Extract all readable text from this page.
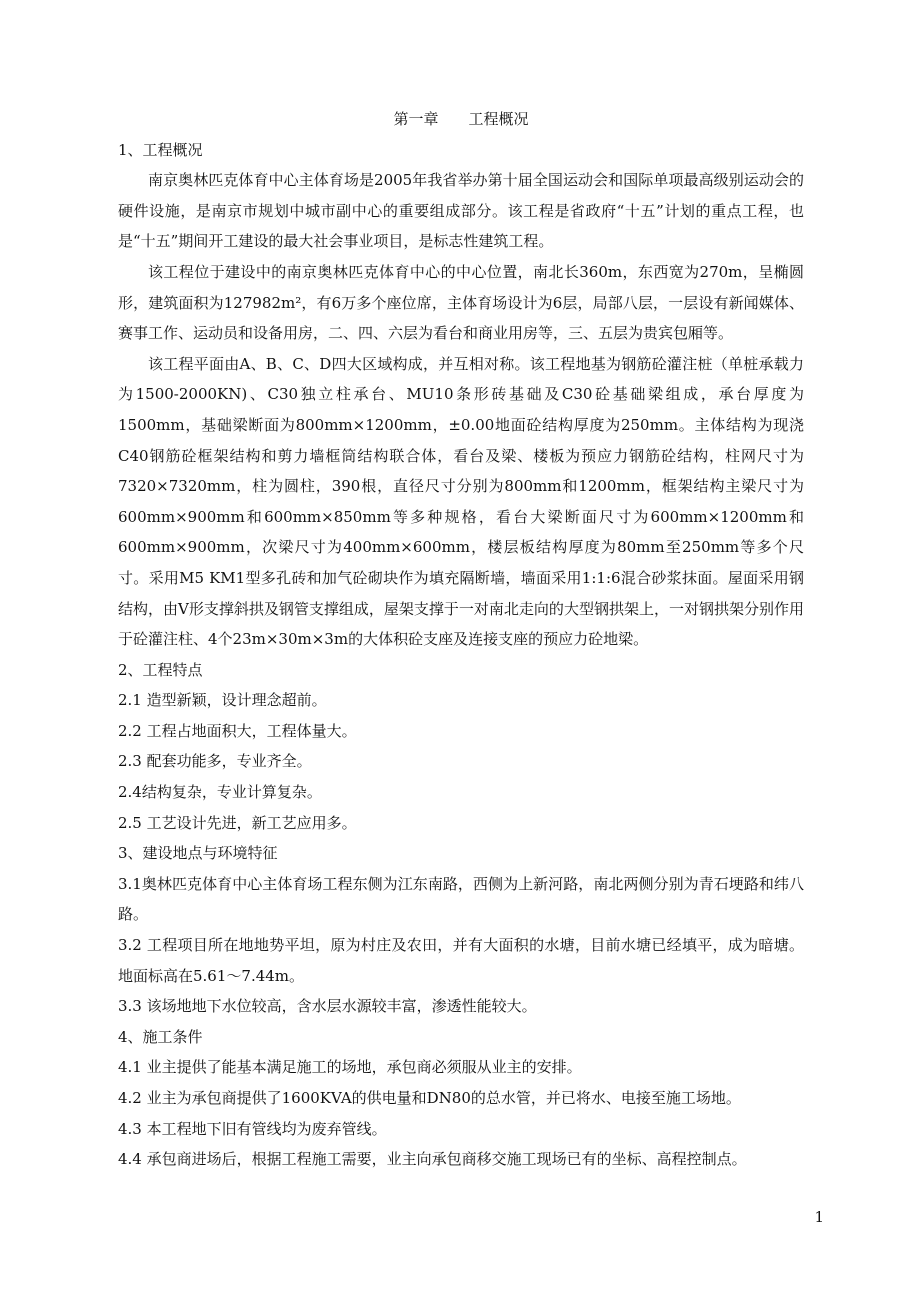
第一章　　工程概况

1、工程概况

南京奥林匹克体育中心主体育场是2005年我省举办第十届全国运动会和国际单项最高级别运动会的硬件设施，是南京市规划中城市副中心的重要组成部分。该工程是省政府“十五”计划的重点工程，也是“十五”期间开工建设的最大社会事业项目，是标志性建筑工程。

该工程位于建设中的南京奥林匹克体育中心的中心位置，南北长360m，东西宽为270m，呈椭圆形，建筑面积为127982m²，有6万多个座位席，主体育场设计为6层，局部八层，一层设有新闻媒体、赛事工作、运动员和设备用房，二、四、六层为看台和商业用房等，三、五层为贵宾包厢等。

该工程平面由A、B、C、D四大区域构成，并互相对称。该工程地基为钢筋砼灌注桩（单桩承载力为1500-2000KN)、C30独立柱承台、MU10条形砖基础及C30砼基础梁组成，承台厚度为1500mm，基础梁断面为800mm×1200mm，±0.00地面砼结构厚度为250mm。主体结构为现浇C40钢筋砼框架结构和剪力墙框筒结构联合体，看台及梁、楼板为预应力钢筋砼结构，柱网尺寸为7320×7320mm，柱为圆柱，390根，直径尺寸分别为800mm和1200mm，框架结构主梁尺寸为600mm×900mm和600mm×850mm等多种规格，看台大梁断面尺寸为600mm×1200mm和600mm×900mm，次梁尺寸为400mm×600mm，楼层板结构厚度为80mm至250mm等多个尺寸。采用M5 KM1型多孔砖和加气砼砌块作为填充隔断墙，墙面采用1:1:6混合砂浆抹面。屋面采用钢结构，由V形支撑斜拱及钢管支撑组成，屋架支撑于一对南北走向的大型钢拱架上，一对钢拱架分别作用于砼灌注柱、4个23m×30m×3m的大体积砼支座及连接支座的预应力砼地梁。

2、工程特点

2.1 造型新颖，设计理念超前。

2.2 工程占地面积大，工程体量大。

2.3 配套功能多，专业齐全。

2.4结构复杂，专业计算复杂。

2.5 工艺设计先进，新工艺应用多。

3、建设地点与环境特征

3.1奥林匹克体育中心主体育场工程东侧为江东南路，西侧为上新河路，南北两侧分别为青石埂路和纬八路。

3.2 工程项目所在地地势平坦，原为村庄及农田，并有大面积的水塘，目前水塘已经填平，成为暗塘。地面标高在5.61～7.44m。

3.3 该场地地下水位较高，含水层水源较丰富，渗透性能较大。

4、施工条件

4.1 业主提供了能基本满足施工的场地，承包商必须服从业主的安排。

4.2 业主为承包商提供了1600KVA的供电量和DN80的总水管，并已将水、电接至施工场地。

4.3 本工程地下旧有管线均为废弃管线。

4.4 承包商进场后，根据工程施工需要，业主向承包商移交施工现场已有的坐标、高程控制点。

1
